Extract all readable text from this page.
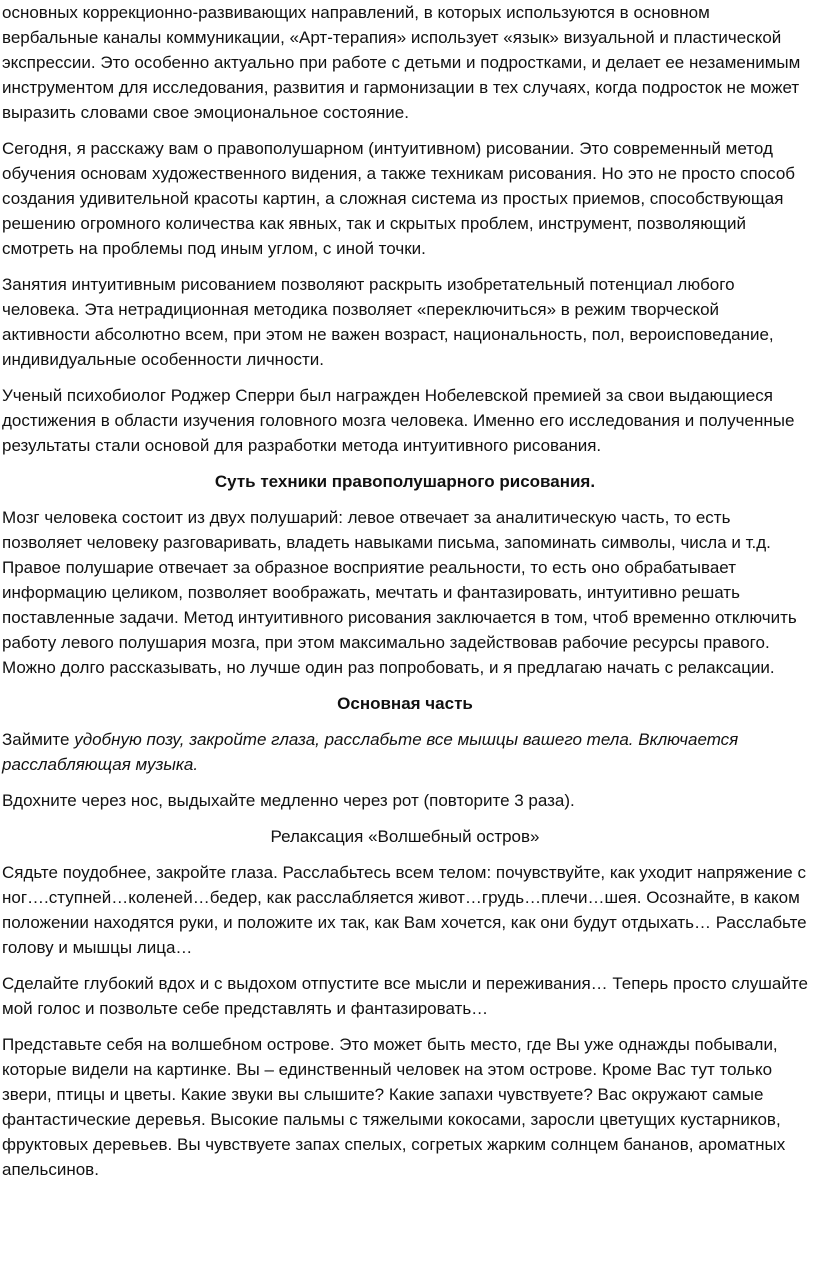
основных коррекционно-развивающих направлений, в которых используются в основном вербальные каналы коммуникации, «Арт-терапия» использует «язык» визуальной и пластической экспрессии. Это особенно актуально при работе с детьми и подростками, и делает ее незаменимым инструментом для исследования, развития и гармонизации в тех случаях, когда подросток не может выразить словами свое эмоциональное состояние.

Сегодня, я расскажу вам о правополушарном (интуитивном) рисовании. Это современный метод обучения основам художественного видения, а также техникам рисования. Но это не просто способ создания удивительной красоты картин, а сложная система из простых приемов, способствующая решению огромного количества как явных, так и скрытых проблем, инструмент, позволяющий смотреть на проблемы под иным углом, с иной точки.

Занятия интуитивным рисованием позволяют раскрыть изобретательный потенциал любого человека. Эта нетрадиционная методика позволяет «переключиться» в режим творческой активности абсолютно всем, при этом не важен возраст, национальность, пол, вероисповедание, индивидуальные особенности личности.

Ученый психобиолог Роджер Сперри был награжден Нобелевской премией за свои выдающиеся достижения в области изучения головного мозга человека. Именно его исследования и полученные результаты стали основой для разработки метода интуитивного рисования.

Суть техники правополушарного рисования.

Мозг человека состоит из двух полушарий: левое отвечает за аналитическую часть, то есть позволяет человеку разговаривать, владеть навыками письма, запоминать символы, числа и т.д. Правое полушарие отвечает за образное восприятие реальности, то есть оно обрабатывает информацию целиком, позволяет воображать, мечтать и фантазировать, интуитивно решать поставленные задачи. Метод интуитивного рисования заключается в том, чтоб временно отключить работу левого полушария мозга, при этом максимально задействовав рабочие ресурсы правого.

Можно долго рассказывать, но лучше один раз попробовать, и я предлагаю начать с релаксации.

Основная часть

Займите удобную позу, закройте глаза, расслабьте все мышцы вашего тела. Включается расслабляющая музыка.

Вдохните через нос, выдыхайте медленно через рот (повторите 3 раза).

Релаксация «Волшебный остров»

Сядьте поудобнее, закройте глаза. Расслабьтесь всем телом: почувствуйте, как уходит напряжение с ног….ступней…коленей…бедер, как расслабляется живот…грудь…плечи…шея. Осознайте, в каком положении находятся руки, и положите их так, как Вам хочется, как они будут отдыхать… Расслабьте голову и мышцы лица…

Сделайте глубокий вдох и с выдохом отпустите все мысли и переживания… Теперь просто слушайте мой голос и позвольте себе представлять и фантазировать…

Представьте себя на волшебном острове. Это может быть место, где Вы уже однажды побывали, которые видели на картинке. Вы – единственный человек на этом острове. Кроме Вас тут только звери, птицы и цветы. Какие звуки вы слышите? Какие запахи чувствуете? Вас окружают самые фантастические деревья. Высокие пальмы с тяжелыми кокосами, заросли цветущих кустарников, фруктовых деревьев. Вы чувствуете запах спелых, согретых жарким солнцем бананов, ароматных апельсинов.
